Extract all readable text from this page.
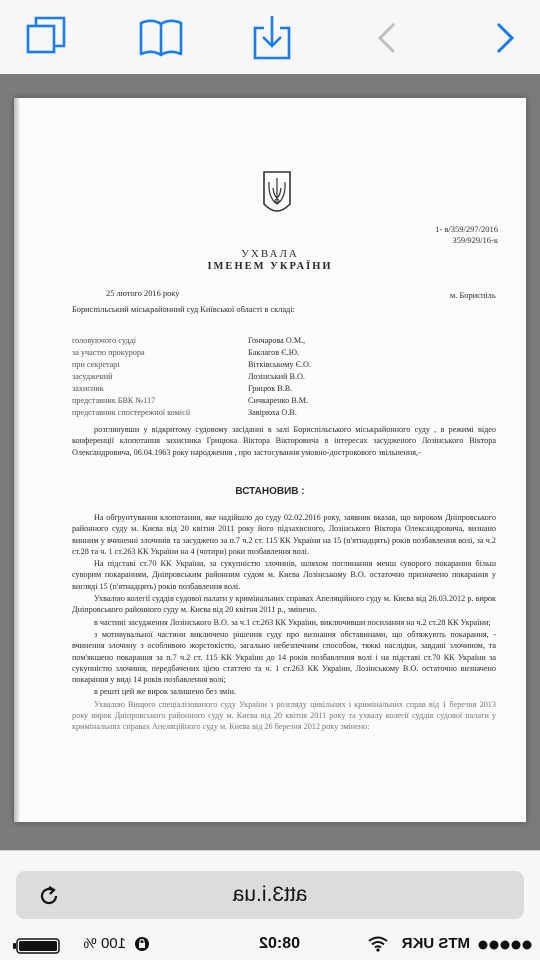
1- в/359/297/2016
359/929/16-к
УХВАЛА
ІМЕНЕМ УКРАЇНИ
25 лютого 2016 року	м. Бориспіль
Бориспільський міськрайонний суд Київської області в складі:
головуючого судді	Гончарова О.М.,
за участю прокурора	Баклагов Є.Ю.
при секретарі	Вітківському Є.О.
засуджений	Лозінський В.О.
захисник	Грицюк В.В.
представник БВК №117	Сичкаренко В.М.
представник спостережної комісії	Завірюха О.В.

розглянувши у відкритому судовому засіданні в залі Бориспільського міськрайонного суду , в режимі відео конференції клопотання захисника Грицюка Віктора Вікторовича в інтересах засудженого Лозінського Віктора Олександровича, 06.04.1963 року народження , про застосування умовно-дострокового звільнення,-

ВСТАНОВИВ :

На обґрунтування клопотання, яке надійшло до суду 02.02.2016 року, заявник вказав, що вироком Дніпровського районного суду м. Києва від 20 квітня 2011 року його підзахисного, Лозінського Віктора Олександровича, визнано винним у вчиненні злочинів та засуджено за п.7 ч.2 ст. 115 КК України на 15 (п'ятнадцять) років позбавлення волі, за ч.2 ст.28 та ч. 1 ст.263 КК України на 4 (чотири) роки позбавлення волі.

На підставі ст.70 КК України, за сукупністю злочинів, шляхом поглинання менш суворого покарання більш суворим покаранням, Дніпровським районним судом м. Києва Лозінському В.О. остаточно призначено покарання у вигляді 15 (п'ятнадцять) років позбавлення волі.

Ухвалою колегії суддів судової палати у кримінальних справах Апеляційного суду м. Києва від 26.03.2012 р. вирок Дніпровського районного суду м. Києва від 20 квітня 2011 р., змінено.

в частині засудження Лозінського В.О. за ч.1 ст.263 КК України, виключивши посилання на ч.2 ст.28 КК України;

з мотивувальної частини виключено рішення суду про визнання обставинами, що обтяжують покарання, - вчинення злочину з особливою жорстокістю, загально небезпечним способом, тяжкі наслідки, завдані злочином, та пом'якшено покарання за п.7 ч.2 ст. 115 КК України до 14 років позбавлення волі і на підставі ст.70 КК України за сукупністю злочинів, передбачених цією статтею та ч. 1 ст.263 КК України, Лозінському В.О. остаточно визначено покарання у виді 14 років позбавлення волі;

в решті цей же вирок залишено без змін.

Ухвалою Вищого спеціалізованого суду України з розгляду цивільних і кримінальних справ від 1 березня 2013 року вирок Дніпровського районного суду м. Києва від 20 квітня 2011 року та ухвалу колегії суддів судової палати у кримінальних справах Апеляційного суду м. Києва від 26 березня 2012 року змінено:

att3.i.ua
MTS UKR
08:02
100 %
